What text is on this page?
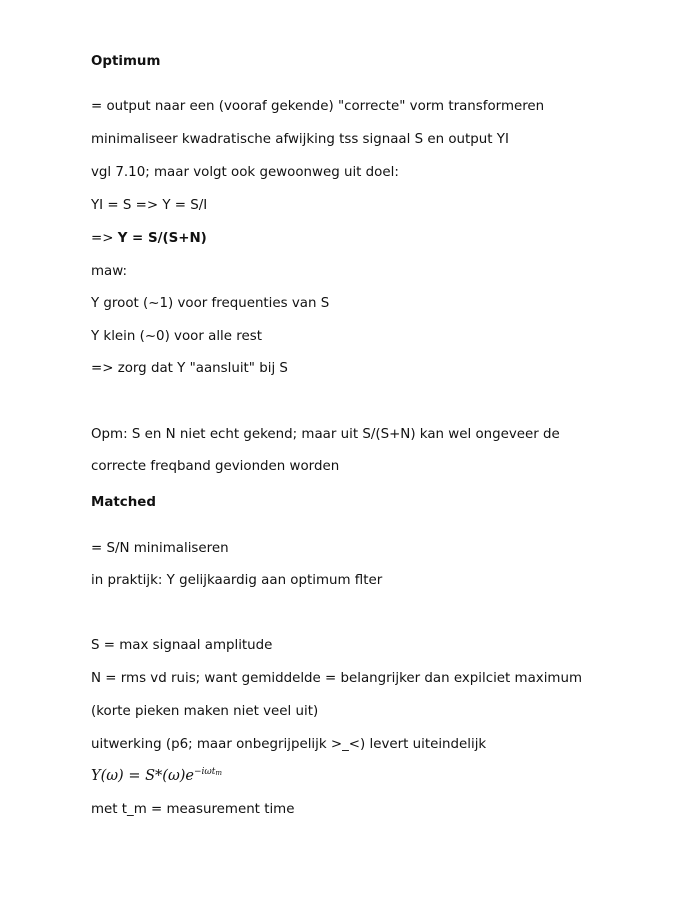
Optimum

= output naar een (vooraf gekende) "correcte" vorm transformeren

minimaliseer kwadratische afwijking tss signaal S en output YI

vgl 7.10; maar volgt ook gewoonweg uit doel:

YI = S => Y = S/I

=> Y = S/(S+N)

maw:

Y groot (~1) voor frequenties van S

Y klein (~0) voor alle rest

=> zorg dat Y "aansluit" bij S

Opm: S en N niet echt gekend; maar uit S/(S+N) kan wel ongeveer de

correcte freqband gevionden worden

Matched

= S/N minimaliseren

in praktijk: Y gelijkaardig aan optimum flter

S = max signaal amplitude

N = rms vd ruis; want gemiddelde = belangrijker dan expilciet maximum

(korte pieken maken niet veel uit)

uitwerking (p6; maar onbegrijpelijk >_<) levert uiteindelijk

$Y(\omega) = S*(\omega)e^{-i\omega tm}$

met t_m = measurement time
